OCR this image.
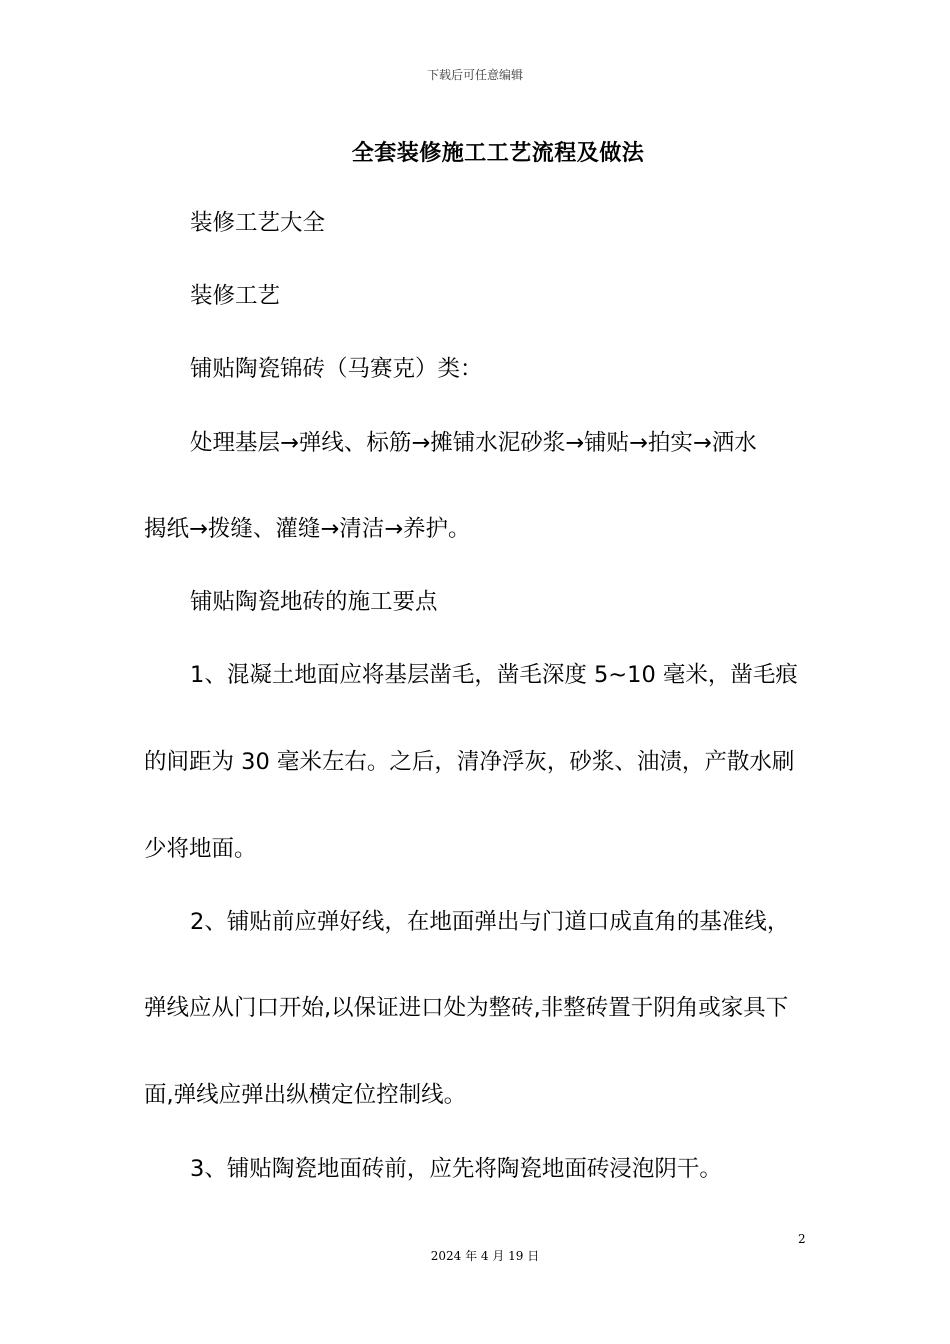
下载后可任意编辑
全套装修施工工艺流程及做法
装修工艺大全
装修工艺
铺贴陶瓷锦砖（马赛克）类：
处理基层→弹线、标筋→摊铺水泥砂浆→铺贴→拍实→洒水
揭纸→拨缝、灌缝→清洁→养护。
铺贴陶瓷地砖的施工要点
1、混凝土地面应将基层凿毛，凿毛深度 5~10 毫米，凿毛痕
的间距为 30 毫米左右。之后，清净浮灰，砂浆、油渍，产散水刷
少将地面。
2、铺贴前应弹好线，在地面弹出与门道口成直角的基准线，
弹线应从门口开始,以保证进口处为整砖,非整砖置于阴角或家具下
面,弹线应弹出纵横定位控制线。
3、铺贴陶瓷地面砖前，应先将陶瓷地面砖浸泡阴干。
2
2024 年 4 月 19 日
